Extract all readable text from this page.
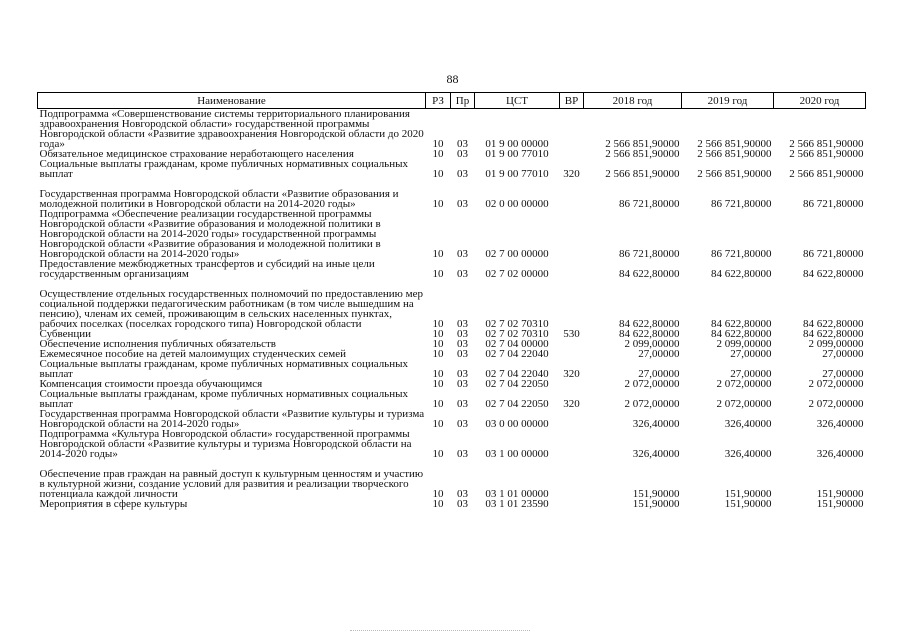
88
Наименование	РЗ	Пр	ЦСТ	ВР	2018 год	2019 год	2020 год
Подпрограмма «Совершенствование системы территориального планирования здравоохранения Новгородской области» государственной программы Новгородской области «Развитие здравоохранения Новгородской области до 2020 года»	10	03	01 9 00 00000		2 566 851,90000	2 566 851,90000	2 566 851,90000
Обязательное медицинское страхование неработающего населения	10	03	01 9 00 77010		2 566 851,90000	2 566 851,90000	2 566 851,90000
Социальные выплаты гражданам, кроме публичных нормативных социальных выплат	10	03	01 9 00 77010	320	2 566 851,90000	2 566 851,90000	2 566 851,90000
Государственная программа Новгородской области «Развитие образования и молодежной политики в Новгородской области на 2014-2020 годы»	10	03	02 0 00 00000		86 721,80000	86 721,80000	86 721,80000
Подпрограмма «Обеспечение реализации государственной программы Новгородской области «Развитие образования и молодежной политики в Новгородской области на 2014-2020 годы» государственной программы Новгородской области «Развитие образования и молодежной политики в Новгородской области на 2014-2020 годы»	10	03	02 7 00 00000		86 721,80000	86 721,80000	86 721,80000
Предоставление межбюджетных трансфертов и субсидий на иные цели государственным организациям	10	03	02 7 02 00000		84 622,80000	84 622,80000	84 622,80000
Осуществление отдельных государственных полномочий по предоставлению мер социальной поддержки педагогическим работникам (в том числе вышедшим на пенсию), членам их семей, проживающим в сельских населенных пунктах, рабочих поселках (поселках городского типа) Новгородской области	10	03	02 7 02 70310		84 622,80000	84 622,80000	84 622,80000
Субвенции	10	03	02 7 02 70310	530	84 622,80000	84 622,80000	84 622,80000
Обеспечение исполнения публичных обязательств	10	03	02 7 04 00000		2 099,00000	2 099,00000	2 099,00000
Ежемесячное пособие на детей малоимущих студенческих семей	10	03	02 7 04 22040		27,00000	27,00000	27,00000
Социальные выплаты гражданам, кроме публичных нормативных социальных выплат	10	03	02 7 04 22040	320	27,00000	27,00000	27,00000
Компенсация стоимости проезда обучающимся	10	03	02 7 04 22050		2 072,00000	2 072,00000	2 072,00000
Социальные выплаты гражданам, кроме публичных нормативных социальных выплат	10	03	02 7 04 22050	320	2 072,00000	2 072,00000	2 072,00000
Государственная программа Новгородской области «Развитие культуры и туризма Новгородской области на 2014-2020 годы»	10	03	03 0 00 00000		326,40000	326,40000	326,40000
Подпрограмма «Культура Новгородской области» государственной программы Новгородской области «Развитие культуры и туризма Новгородской области на 2014-2020 годы»	10	03	03 1 00 00000		326,40000	326,40000	326,40000
Обеспечение прав граждан на равный доступ к культурным ценностям и участию в культурной жизни, создание условий для развития и реализации творческого потенциала каждой личности	10	03	03 1 01 00000		151,90000	151,90000	151,90000
Мероприятия в сфере культуры	10	03	03 1 01 23590		151,90000	151,90000	151,90000
